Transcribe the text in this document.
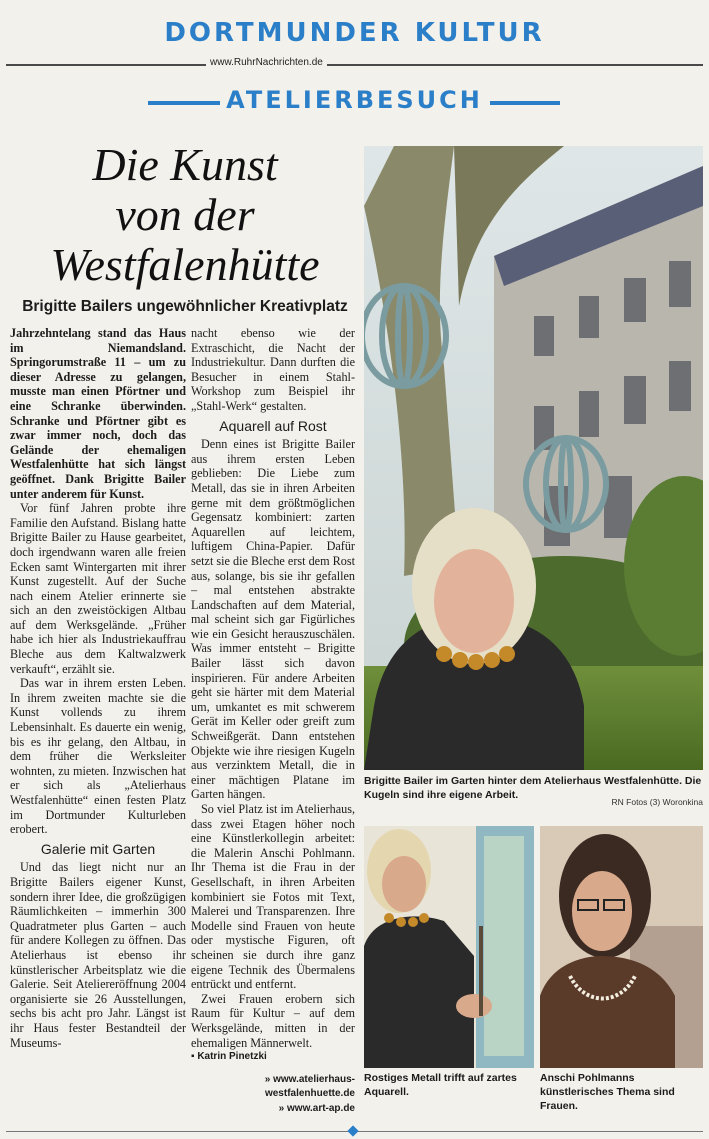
DORTMUNDER KULTUR
www.RuhrNachrichten.de
ATELIERBESUCH
Die Kunst
von der
Westfalenhütte
Brigitte Bailers ungewöhnlicher Kreativplatz

Jahrzehntelang stand das Haus im Niemandsland. Springorumstraße 11 – um zu dieser Adresse zu gelangen, musste man einen Pförtner und eine Schranke überwinden. Schranke und Pförtner gibt es zwar immer noch, doch das Gelände der ehemaligen Westfalenhütte hat sich längst geöffnet. Dank Brigitte Bailer unter anderem für Kunst.

Vor fünf Jahren probte ihre Familie den Aufstand. Bislang hatte Brigitte Bailer zu Hause gearbeitet, doch irgendwann waren alle freien Ecken samt Wintergarten mit ihrer Kunst zugestellt. Auf der Suche nach einem Atelier erinnerte sie sich an den zweistöckigen Altbau auf dem Werksgelände. „Früher habe ich hier als Industriekauffrau Bleche aus dem Kaltwalzwerk verkauft“, erzählt sie.

Das war in ihrem ersten Leben. In ihrem zweiten machte sie die Kunst vollends zu ihrem Lebensinhalt. Es dauerte ein wenig, bis es ihr gelang, den Altbau, in dem früher die Werksleiter wohnten, zu mieten. Inzwischen hat er sich als „Atelierhaus Westfalenhütte“ einen festen Platz im Dortmunder Kulturleben erobert.

Galerie mit Garten

Und das liegt nicht nur an Brigitte Bailers eigener Kunst, sondern ihrer Idee, die großzügigen Räumlichkeiten – immerhin 300 Quadratmeter plus Garten – auch für andere Kollegen zu öffnen. Das Atelierhaus ist ebenso ihr künstlerischer Arbeitsplatz wie die Galerie. Seit Ateliereröffnung 2004 organisierte sie 26 Ausstellungen, sechs bis acht pro Jahr. Längst ist ihr Haus fester Bestandteil der Museums-

nacht ebenso wie der Extraschicht, die Nacht der Industriekultur. Dann durften die Besucher in einem Stahl-Workshop zum Beispiel ihr „Stahl-Werk“ gestalten.

Aquarell auf Rost

Denn eines ist Brigitte Bailer aus ihrem ersten Leben geblieben: Die Liebe zum Metall, das sie in ihren Arbeiten gerne mit dem größtmöglichen Gegensatz kombiniert: zarten Aquarellen auf leichtem, luftigem China-Papier. Dafür setzt sie die Bleche erst dem Rost aus, solange, bis sie ihr gefallen – mal entstehen abstrakte Landschaften auf dem Material, mal scheint sich gar Figürliches wie ein Gesicht herauszuschälen. Was immer entsteht – Brigitte Bailer lässt sich davon inspirieren. Für andere Arbeiten geht sie härter mit dem Material um, umkantet es mit schwerem Gerät im Keller oder greift zum Schweißgerät. Dann entstehen Objekte wie ihre riesigen Kugeln aus verzinktem Metall, die in einer mächtigen Platane im Garten hängen.

So viel Platz ist im Atelierhaus, dass zwei Etagen höher noch eine Künstlerkollegin arbeitet: die Malerin Anschi Pohlmann. Ihr Thema ist die Frau in der Gesellschaft, in ihren Arbeiten kombiniert sie Fotos mit Text, Malerei und Transparenzen. Ihre Modelle sind Frauen von heute oder mystische Figuren, oft scheinen sie durch ihre ganz eigene Technik des Übermalens entrückt und entfernt.

Zwei Frauen erobern sich Raum für Kultur – auf dem Werksgelände, mitten in der ehemaligen Männerwelt.

▪ Katrin Pinetzki

» www.atelierhaus-westfalenhuette.de
» www.art-ap.de
Brigitte Bailer im Garten hinter dem Atelierhaus Westfalenhütte. Die Kugeln sind ihre eigene Arbeit.
RN Fotos (3) Woronkina
Rostiges Metall trifft auf zartes Aquarell.
Anschi Pohlmanns künstlerisches Thema sind Frauen.
